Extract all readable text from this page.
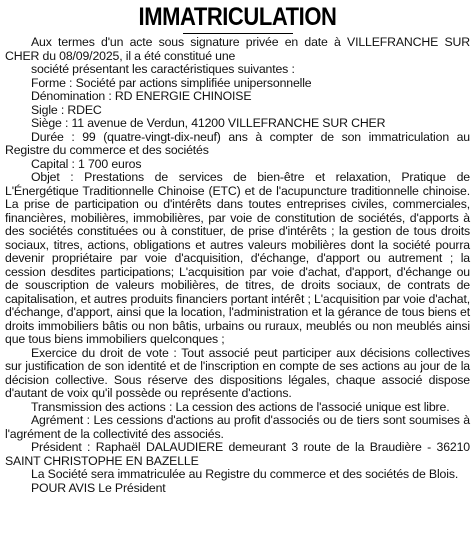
IMMATRICULATION

Aux termes d'un acte sous signature privée en date à VILLEFRANCHE SUR CHER du 08/09/2025, il a été constitué une

société présentant les caractéristiques suivantes :

Forme : Société par actions simplifiée unipersonnelle

Dénomination : RD ENERGIE CHINOISE

Sigle : RDEC

Siège : 11 avenue de Verdun, 41200 VILLEFRANCHE SUR CHER

Durée : 99 (quatre-vingt-dix-neuf) ans à compter de son immatriculation au Registre du commerce et des sociétés

Capital : 1 700 euros

Objet : Prestations de services de bien-être et relaxation, Pratique de L'Énergétique Traditionnelle Chinoise (ETC) et de l'acupuncture traditionnelle chinoise. La prise de participation ou d'intérêts dans toutes entreprises civiles, commerciales, financières, mobilières, immobilières, par voie de constitution de sociétés, d'apports à des sociétés constituées ou à constituer, de prise d'intérêts ; la gestion de tous droits sociaux, titres, actions, obligations et autres valeurs mobilières dont la société pourra devenir propriétaire par voie d'acquisition, d'échange, d'apport ou autrement ; la cession desdites participations; L'acquisition par voie d'achat, d'apport, d'échange ou de souscription de valeurs mobilières, de titres, de droits sociaux, de contrats de capitalisation, et autres produits financiers portant intérêt ; L'acquisition par voie d'achat, d'échange, d'apport, ainsi que la location, l'administration et la gérance de tous biens et droits immobiliers bâtis ou non bâtis, urbains ou ruraux, meublés ou non meublés ainsi que tous biens immobiliers quelconques ;

Exercice du droit de vote : Tout associé peut participer aux décisions collectives sur justification de son identité et de l'inscription en compte de ses actions au jour de la décision collective. Sous réserve des dispositions légales, chaque associé dispose d'autant de voix qu'il possède ou représente d'actions.

Transmission des actions : La cession des actions de l'associé unique est libre.

Agrément : Les cessions d'actions au profit d'associés ou de tiers sont soumises à l'agrément de la collectivité des associés.

Président : Raphaël DALAUDIERE demeurant 3 route de la Braudière - 36210 SAINT CHRISTOPHE EN BAZELLE

La Société sera immatriculée au Registre du commerce et des sociétés de Blois.

POUR AVIS Le Président
